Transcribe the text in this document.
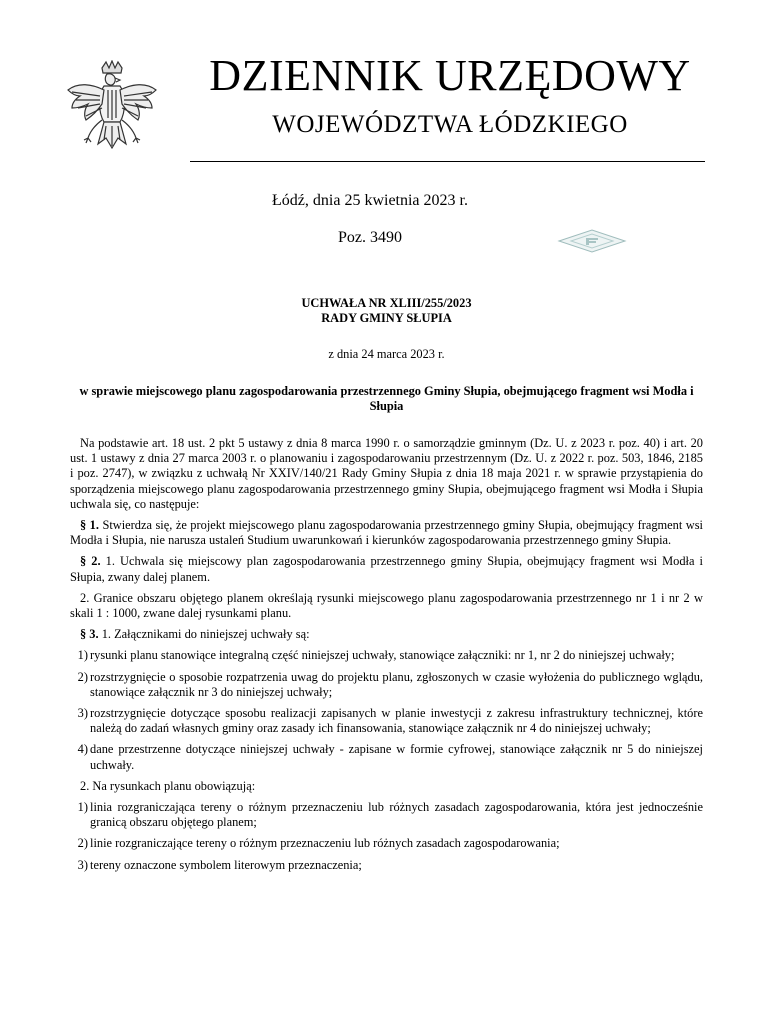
DZIENNIK URZĘDOWY
WOJEWÓDZTWA ŁÓDZKIEGO
Łódź, dnia 25 kwietnia 2023 r.
Poz. 3490
UCHWAŁA NR XLIII/255/2023
RADY GMINY SŁUPIA
z dnia 24 marca 2023 r.
w sprawie miejscowego planu zagospodarowania przestrzennego Gminy Słupia, obejmującego fragment wsi Modła i Słupia

Na podstawie art. 18 ust. 2 pkt 5 ustawy z dnia 8 marca 1990 r. o samorządzie gminnym (Dz. U. z 2023 r. poz. 40) i art. 20 ust. 1 ustawy z dnia 27 marca 2003 r. o planowaniu i zagospodarowaniu przestrzennym (Dz. U. z 2022 r. poz. 503, 1846, 2185 i poz. 2747), w związku z uchwałą Nr XXIV/140/21 Rady Gminy Słupia z dnia 18 maja 2021 r. w sprawie przystąpienia do sporządzenia miejscowego planu zagospodarowania przestrzennego gminy Słupia, obejmującego fragment wsi Modła i Słupia uchwala się, co następuje:

§ 1. Stwierdza się, że projekt miejscowego planu zagospodarowania przestrzennego gminy Słupia, obejmujący fragment wsi Modła i Słupia, nie narusza ustaleń Studium uwarunkowań i kierunków zagospodarowania przestrzennego gminy Słupia.

§ 2. 1. Uchwala się miejscowy plan zagospodarowania przestrzennego gminy Słupia, obejmujący fragment wsi Modła i Słupia, zwany dalej planem.

2. Granice obszaru objętego planem określają rysunki miejscowego planu zagospodarowania przestrzennego nr 1 i nr 2 w skali 1 : 1000, zwane dalej rysunkami planu.

§ 3. 1. Załącznikami do niniejszej uchwały są:

1) rysunki planu stanowiące integralną część niniejszej uchwały, stanowiące załączniki: nr 1, nr 2 do niniejszej uchwały;
2) rozstrzygnięcie o sposobie rozpatrzenia uwag do projektu planu, zgłoszonych w czasie wyłożenia do publicznego wglądu, stanowiące załącznik nr 3 do niniejszej uchwały;
3) rozstrzygnięcie dotyczące sposobu realizacji zapisanych w planie inwestycji z zakresu infrastruktury technicznej, które należą do zadań własnych gminy oraz zasady ich finansowania, stanowiące załącznik nr 4 do niniejszej uchwały;
4) dane przestrzenne dotyczące niniejszej uchwały - zapisane w formie cyfrowej, stanowiące załącznik nr 5 do niniejszej uchwały.

2. Na rysunkach planu obowiązują:

1) linia rozgraniczająca tereny o różnym przeznaczeniu lub różnych zasadach zagospodarowania, która jest jednocześnie granicą obszaru objętego planem;
2) linie rozgraniczające tereny o różnym przeznaczeniu lub różnych zasadach zagospodarowania;
3) tereny oznaczone symbolem literowym przeznaczenia;
